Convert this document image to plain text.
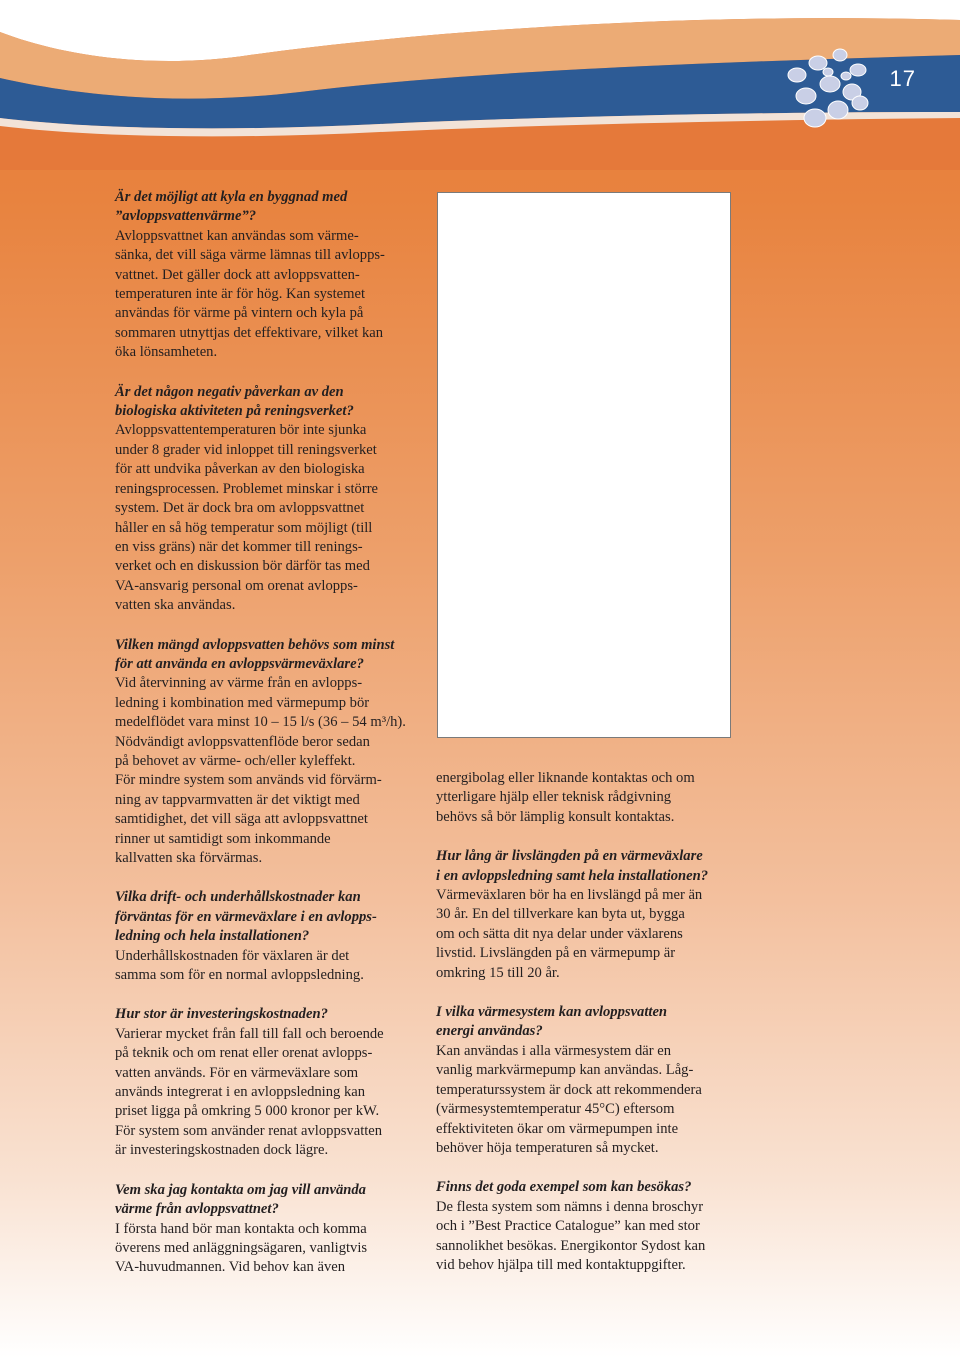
17
Är det möjligt att kyla en byggnad med
”avloppsvattenvärme”?
Avloppsvattnet kan användas som värme-
sänka, det vill säga värme lämnas till avlopps-
vattnet. Det gäller dock att avloppsvatten-
temperaturen inte är för hög. Kan systemet
användas för värme på vintern och kyla på
sommaren utnyttjas det effektivare, vilket kan
öka lönsamheten.
Är det någon negativ påverkan av den
biologiska aktiviteten på reningsverket?
Avloppsvattentemperaturen bör inte sjunka
under 8 grader vid inloppet till reningsverket
för att undvika påverkan av den biologiska
reningsprocessen. Problemet minskar i större
system. Det är dock bra om avloppsvattnet
håller en så hög temperatur som möjligt (till
en viss gräns) när det kommer till renings-
verket och en diskussion bör därför tas med
VA-ansvarig personal om orenat avlopps-
vatten ska användas.
Vilken mängd avloppsvatten behövs som minst
för att använda en avloppsvärmeväxlare?
Vid återvinning av värme från en avlopps-
ledning i kombination med värmepump bör
medelflödet vara minst 10 – 15 l/s (36 – 54 m³/h).
Nödvändigt avloppsvattenflöde beror sedan
på behovet av värme- och/eller kyleffekt.
För mindre system som används vid förvärm-
ning av tappvarmvatten är det viktigt med
samtidighet, det vill säga att avloppsvattnet
rinner ut samtidigt som inkommande
kallvatten ska förvärmas.
Vilka drift- och underhållskostnader kan
förväntas för en värmeväxlare i en avlopps-
ledning och hela installationen?
Underhållskostnaden för växlaren är det
samma som för en normal avloppsledning.
Hur stor är investeringskostnaden?
Varierar mycket från fall till fall och beroende
på teknik och om renat eller orenat avlopps-
vatten används. För en värmeväxlare som
används integrerat i en avloppsledning kan
priset ligga på omkring 5 000 kronor per kW.
För system som använder renat avloppsvatten
är investeringskostnaden dock lägre.
Vem ska jag kontakta om jag vill använda
värme från avloppsvattnet?
I första hand bör man kontakta och komma
överens med anläggningsägaren, vanligtvis
VA-huvudmannen. Vid behov kan även
energibolag eller liknande kontaktas och om
ytterligare hjälp eller teknisk rådgivning
behövs så bör lämplig konsult kontaktas.
Hur lång är livslängden på en värmeväxlare
i en avloppsledning samt hela installationen?
Värmeväxlaren bör ha en livslängd på mer än
30 år. En del tillverkare kan byta ut, bygga
om och sätta dit nya delar under växlarens
livstid. Livslängden på en värmepump är
omkring 15 till 20 år.
I vilka värmesystem kan avloppsvatten
energi användas?
Kan användas i alla värmesystem där en
vanlig markvärmepump kan användas. Låg-
temperaturssystem är dock att rekommendera
(värmesystemtemperatur 45°C) eftersom
effektiviteten ökar om värmepumpen inte
behöver höja temperaturen så mycket.
Finns det goda exempel som kan besökas?
De flesta system som nämns i denna broschyr
och i ”Best Practice Catalogue” kan med stor
sannolikhet besökas. Energikontor Sydost kan
vid behov hjälpa till med kontaktuppgifter.
